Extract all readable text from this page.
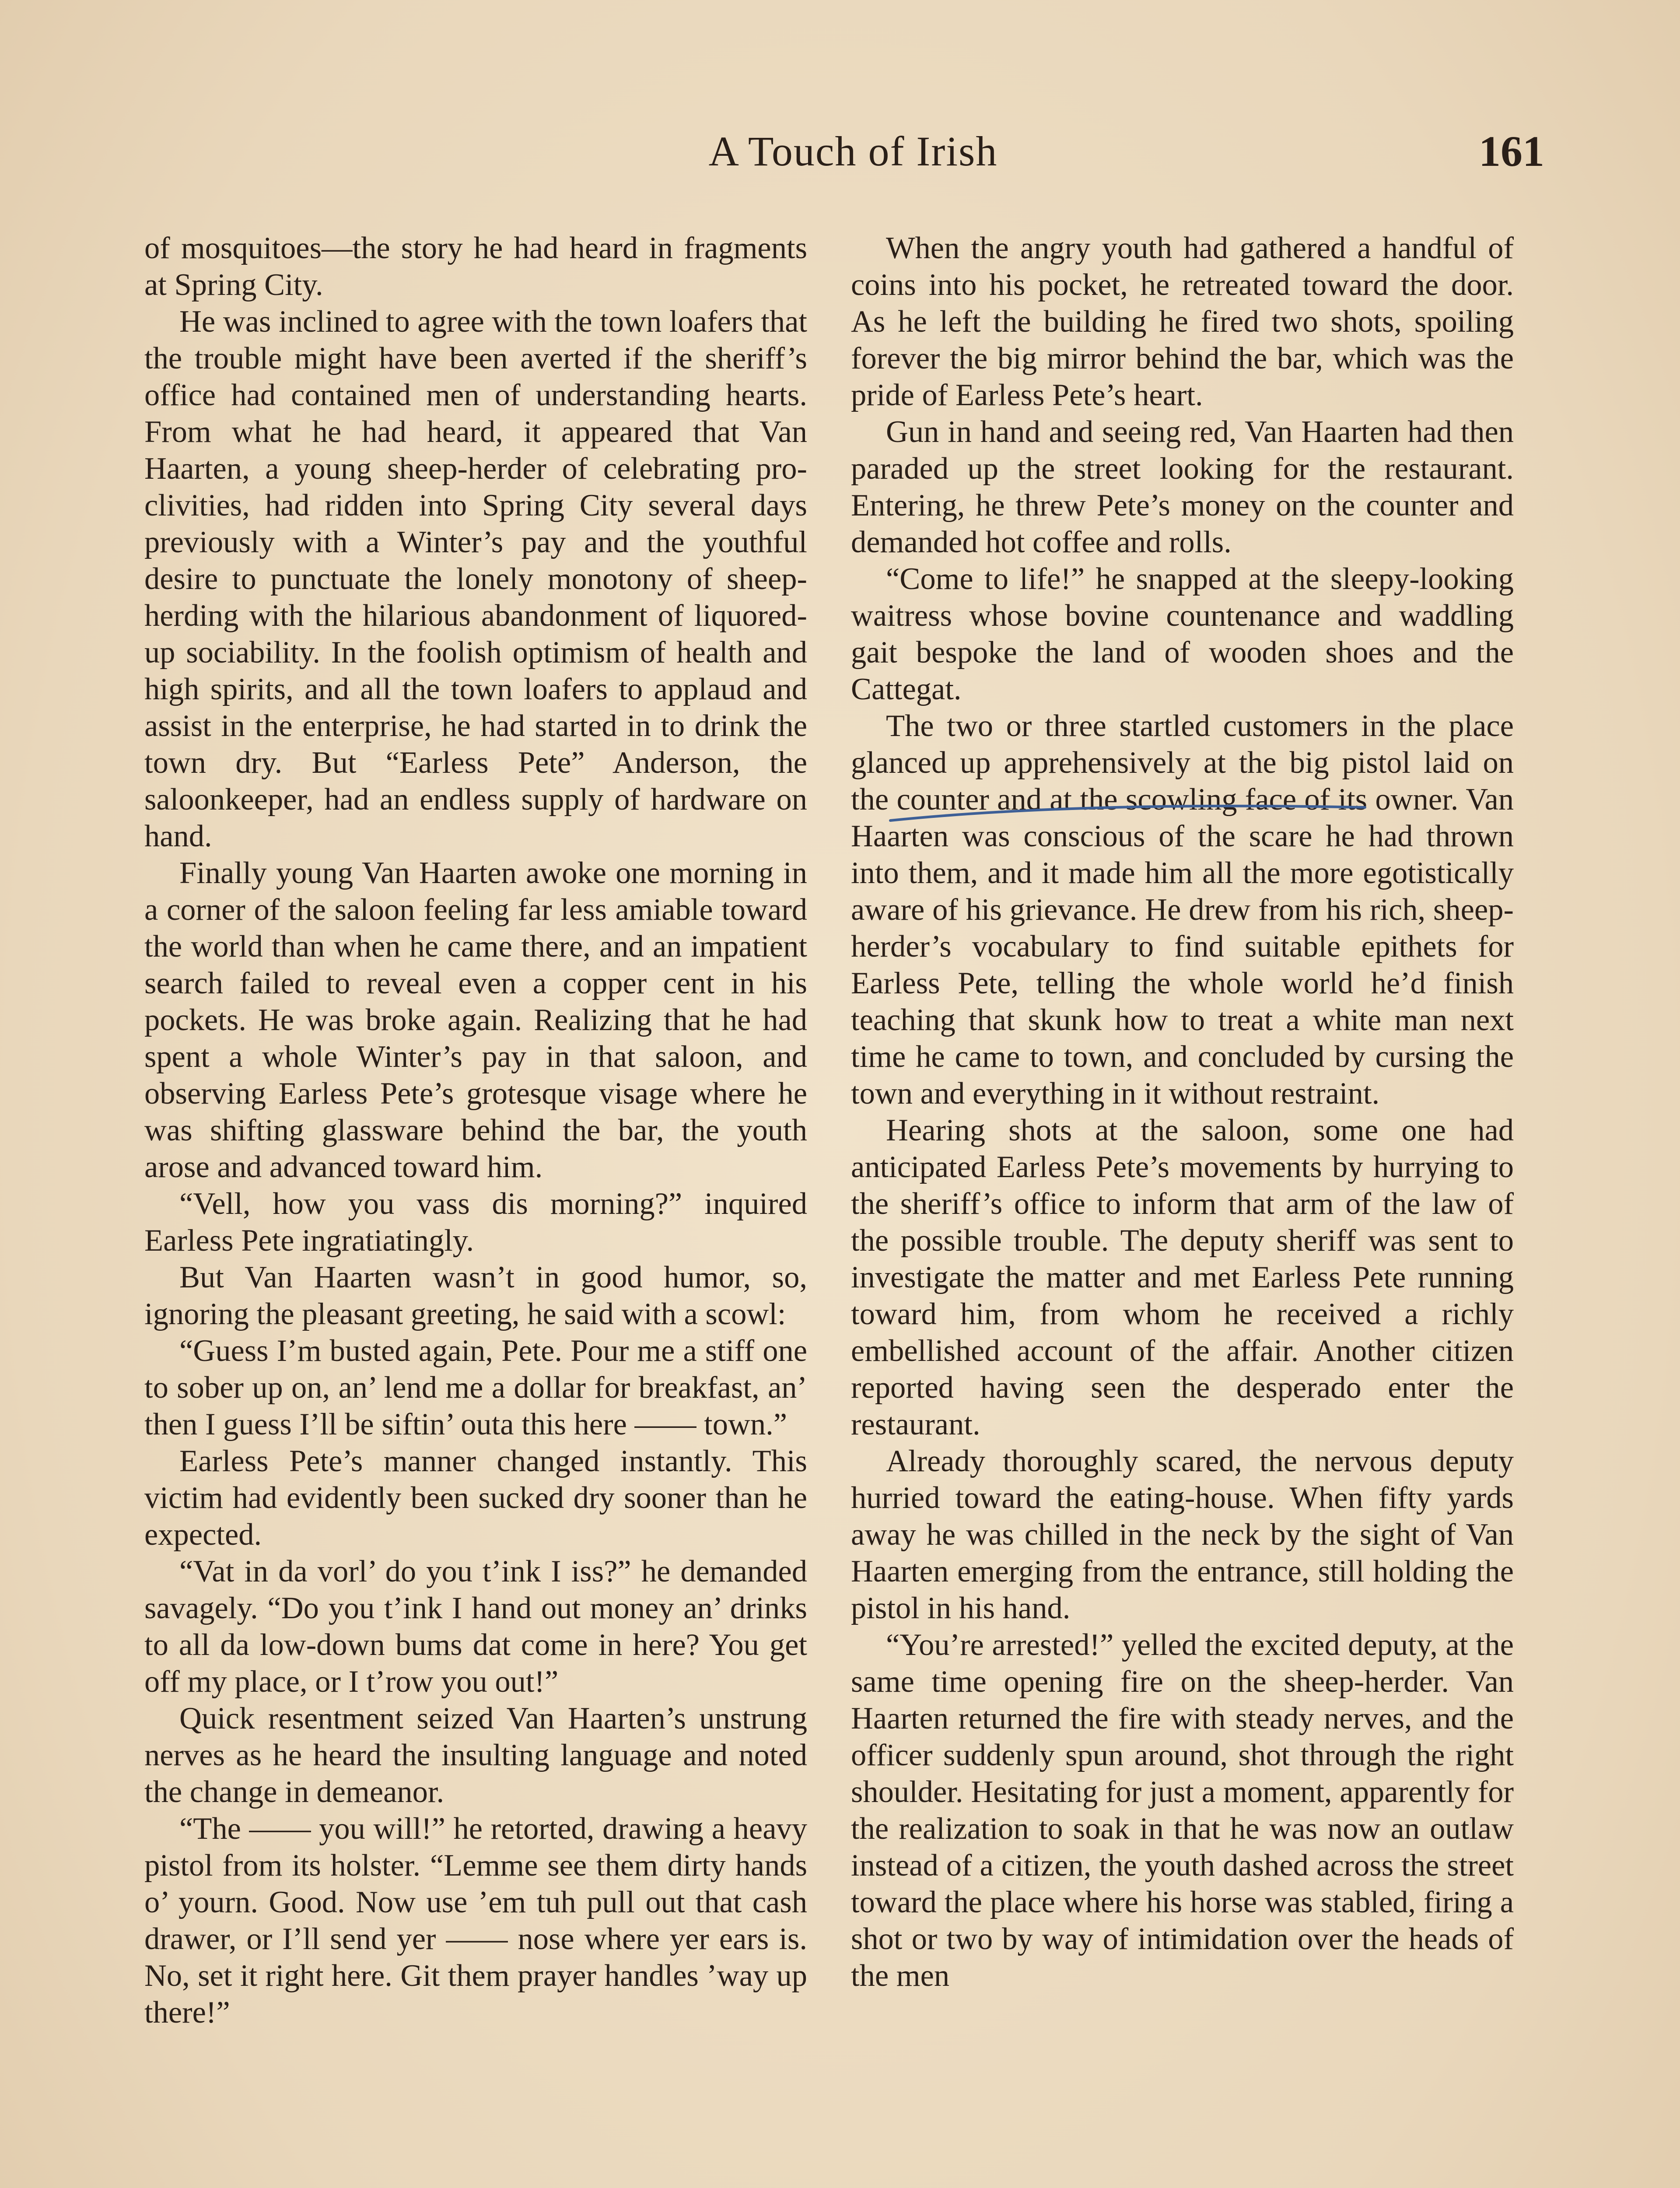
A Touch of Irish	161

of mosquitoes—the story he had heard in fragments at Spring City.

He was inclined to agree with the town loafers that the trouble might have been averted if the sheriff’s office had contained men of understanding hearts. From what he had heard, it appeared that Van Haarten, a young sheep-herder of celebrating proclivities, had ridden into Spring City several days previously with a Winter’s pay and the youthful desire to punctuate the lonely monotony of sheep-herding with the hilarious abandonment of liquored-up sociability. In the foolish optimism of health and high spirits, and all the town loafers to applaud and assist in the enterprise, he had started in to drink the town dry. But “Earless Pete” Anderson, the saloonkeeper, had an endless supply of hardware on hand.

Finally young Van Haarten awoke one morning in a corner of the saloon feeling far less amiable toward the world than when he came there, and an impatient search failed to reveal even a copper cent in his pockets. He was broke again. Realizing that he had spent a whole Winter’s pay in that saloon, and observing Earless Pete’s grotesque visage where he was shifting glassware behind the bar, the youth arose and advanced toward him.

“Vell, how you vass dis morning?” inquired Earless Pete ingratiatingly.

But Van Haarten wasn’t in good humor, so, ignoring the pleasant greeting, he said with a scowl:

“Guess I’m busted again, Pete. Pour me a stiff one to sober up on, an’ lend me a dollar for breakfast, an’ then I guess I’ll be siftin’ outa this here —— town.”

Earless Pete’s manner changed instantly. This victim had evidently been sucked dry sooner than he expected.

“Vat in da vorl’ do you t’ink I iss?” he demanded savagely. “Do you t’ink I hand out money an’ drinks to all da low-down bums dat come in here? You get off my place, or I t’row you out!”

Quick resentment seized Van Haarten’s unstrung nerves as he heard the insulting language and noted the change in demeanor.

“The —— you will!” he retorted, drawing a heavy pistol from its holster. “Lemme see them dirty hands o’ yourn. Good. Now use ’em tuh pull out that cash drawer, or I’ll send yer —— nose where yer ears is. No, set it right here. Git them prayer handles ’way up there!”

When the angry youth had gathered a handful of coins into his pocket, he retreated toward the door. As he left the building he fired two shots, spoiling forever the big mirror behind the bar, which was the pride of Earless Pete’s heart.

Gun in hand and seeing red, Van Haarten had then paraded up the street looking for the restaurant. Entering, he threw Pete’s money on the counter and demanded hot coffee and rolls.

“Come to life!” he snapped at the sleepy-looking waitress whose bovine countenance and waddling gait bespoke the land of wooden shoes and the Cattegat.

The two or three startled customers in the place glanced up apprehensively at the big pistol laid on the counter and at the scowling face of its owner. Van Haarten was conscious of the scare he had thrown into them, and it made him all the more egotistically aware of his grievance. He drew from his rich, sheep-herder’s vocabulary to find suitable epithets for Earless Pete, telling the whole world he’d finish teaching that skunk how to treat a white man next time he came to town, and concluded by cursing the town and everything in it without restraint.

Hearing shots at the saloon, some one had anticipated Earless Pete’s movements by hurrying to the sheriff’s office to inform that arm of the law of the possible trouble. The deputy sheriff was sent to investigate the matter and met Earless Pete running toward him, from whom he received a richly embellished account of the affair. Another citizen reported having seen the desperado enter the restaurant.

Already thoroughly scared, the nervous deputy hurried toward the eating-house. When fifty yards away he was chilled in the neck by the sight of Van Haarten emerging from the entrance, still holding the pistol in his hand.

“You’re arrested!” yelled the excited deputy, at the same time opening fire on the sheep-herder. Van Haarten returned the fire with steady nerves, and the officer suddenly spun around, shot through the right shoulder. Hesitating for just a moment, apparently for the realization to soak in that he was now an outlaw instead of a citizen, the youth dashed across the street toward the place where his horse was stabled, firing a shot or two by way of intimidation over the heads of the men
